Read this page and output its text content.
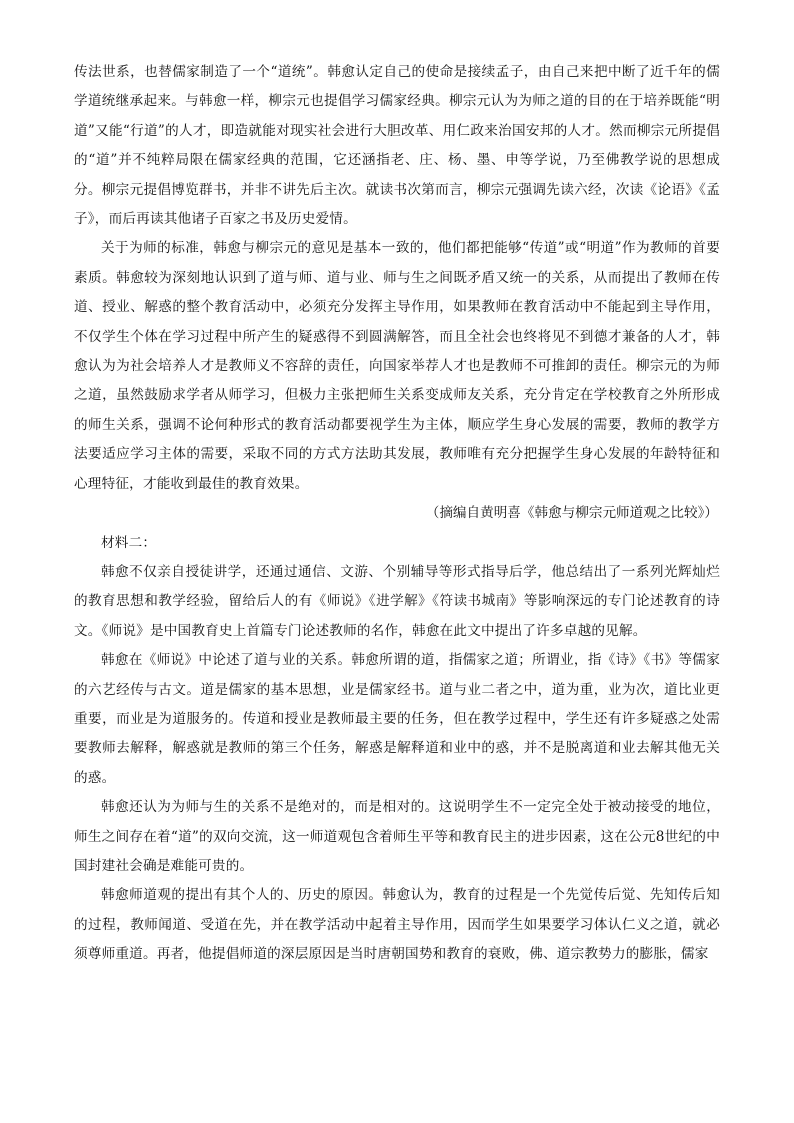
传法世系，也替儒家制造了一个“道统”。韩愈认定自己的使命是接续孟子，由自己来把中断了近千年的儒学道统继承起来。与韩愈一样，柳宗元也提倡学习儒家经典。柳宗元认为为师之道的目的在于培养既能“明道”又能“行道”的人才，即造就能对现实社会进行大胆改革、用仁政来治国安邦的人才。然而柳宗元所提倡的“道”并不纯粹局限在儒家经典的范围，它还涵指老、庄、杨、墨、申等学说，乃至佛教学说的思想成分。柳宗元提倡博览群书，并非不讲先后主次。就读书次第而言，柳宗元强调先读六经，次读《论语》《孟子》，而后再读其他诸子百家之书及历史爱情。

关于为师的标准，韩愈与柳宗元的意见是基本一致的，他们都把能够“传道”或“明道”作为教师的首要素质。韩愈较为深刻地认识到了道与师、道与业、师与生之间既矛盾又统一的关系，从而提出了教师在传道、授业、解惑的整个教育活动中，必须充分发挥主导作用，如果教师在教育活动中不能起到主导作用，不仅学生个体在学习过程中所产生的疑惑得不到圆满解答，而且全社会也终将见不到德才兼备的人才，韩愈认为为社会培养人才是教师义不容辞的责任，向国家举荐人才也是教师不可推卸的责任。柳宗元的为师之道，虽然鼓励求学者从师学习，但极力主张把师生关系变成师友关系，充分肯定在学校教育之外所形成的师生关系，强调不论何种形式的教育活动都要视学生为主体，顺应学生身心发展的需要，教师的教学方法要适应学习主体的需要，采取不同的方式方法助其发展，教师唯有充分把握学生身心发展的年龄特征和心理特征，才能收到最佳的教育效果。

（摘编自黄明喜《韩愈与柳宗元师道观之比较》）

材料二：

韩愈不仅亲自授徒讲学，还通过通信、文游、个别辅导等形式指导后学，他总结出了一系列光辉灿烂的教育思想和教学经验，留给后人的有《师说》《进学解》《符读书城南》等影响深远的专门论述教育的诗文。《师说》是中国教育史上首篇专门论述教师的名作，韩愈在此文中提出了许多卓越的见解。

韩愈在《师说》中论述了道与业的关系。韩愈所谓的道，指儒家之道；所谓业，指《诗》《书》等儒家的六艺经传与古文。道是儒家的基本思想，业是儒家经书。道与业二者之中，道为重，业为次，道比业更重要，而业是为道服务的。传道和授业是教师最主要的任务，但在教学过程中，学生还有许多疑惑之处需要教师去解释，解惑就是教师的第三个任务，解惑是解释道和业中的惑，并不是脱离道和业去解其他无关的惑。

韩愈还认为为师与生的关系不是绝对的，而是相对的。这说明学生不一定完全处于被动接受的地位，师生之间存在着“道”的双向交流，这一师道观包含着师生平等和教育民主的进步因素，这在公元8世纪的中国封建社会确是难能可贵的。

韩愈师道观的提出有其个人的、历史的原因。韩愈认为，教育的过程是一个先觉传后觉、先知传后知的过程，教师闻道、受道在先，并在教学活动中起着主导作用，因而学生如果要学习体认仁义之道，就必须尊师重道。再者，他提倡师道的深层原因是当时唐朝国势和教育的衰败，佛、道宗教势力的膨胀，儒家
